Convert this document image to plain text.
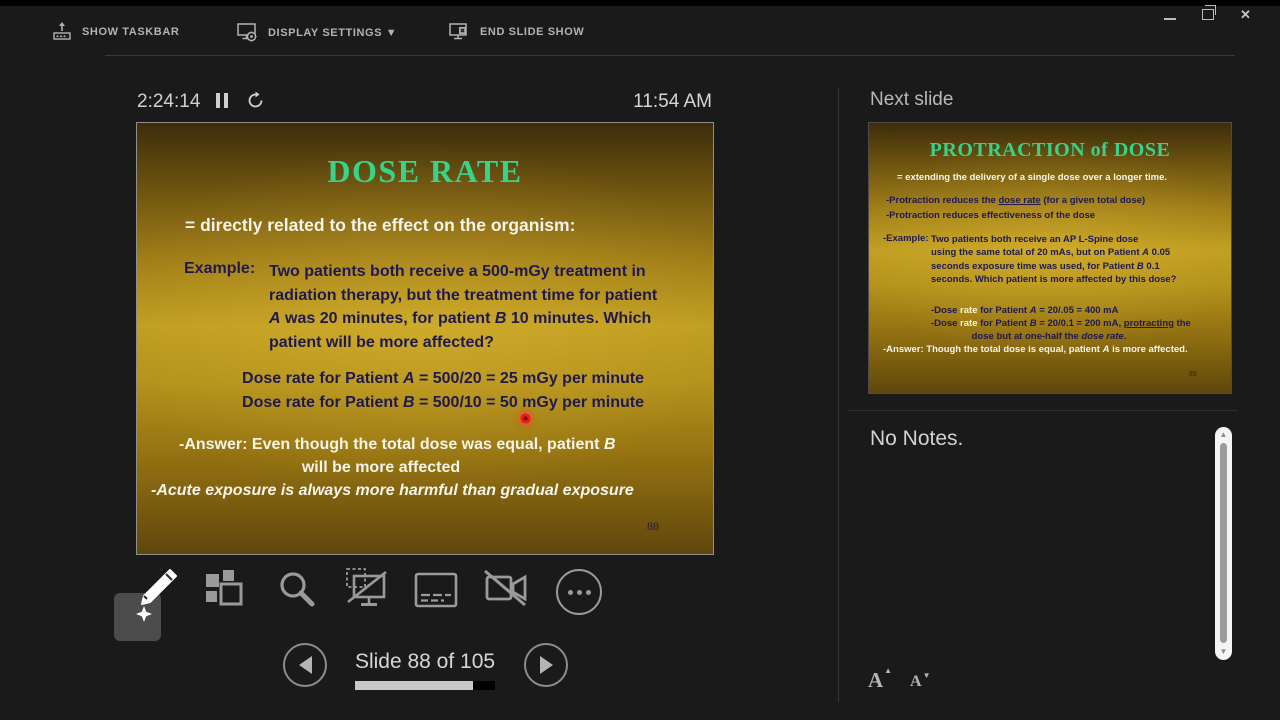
SHOW TASKBAR	DISPLAY SETTINGS ▼	END SLIDE SHOW
✕
2:24:14	11:54 AM
DOSE RATE
= directly related to the effect on the organism:
Example: Two patients both receive a 500-mGy treatment in
radiation therapy, but the treatment time for patient
A was 20 minutes, for patient B 10 minutes. Which
patient will be more affected?
Dose rate for Patient A = 500/20 = 25 mGy per minute
Dose rate for Patient B = 500/10 = 50 mGy per minute
-Answer: Even though the total dose was equal, patient B
will be more affected
-Acute exposure is always more harmful than gradual exposure
88
Slide 88 of 105
Next slide
PROTRACTION of DOSE
= extending the delivery of a single dose over a longer time.
-Protraction reduces the dose rate (for a given total dose)
-Protraction reduces effectiveness of the dose
-Example: Two patients both receive an AP L-Spine dose
using the same total of 20 mAs, but on Patient A 0.05
seconds exposure time was used, for Patient B 0.1
seconds. Which patient is more affected by this dose?
-Dose rate for Patient A = 20/.05 = 400 mA
-Dose rate for Patient B = 20/0.1 = 200 mA, protracting the
dose but at one-half the dose rate.
-Answer: Though the total dose is equal, patient A is more affected.
89
No Notes.	▲
▼
A▲
A▼
